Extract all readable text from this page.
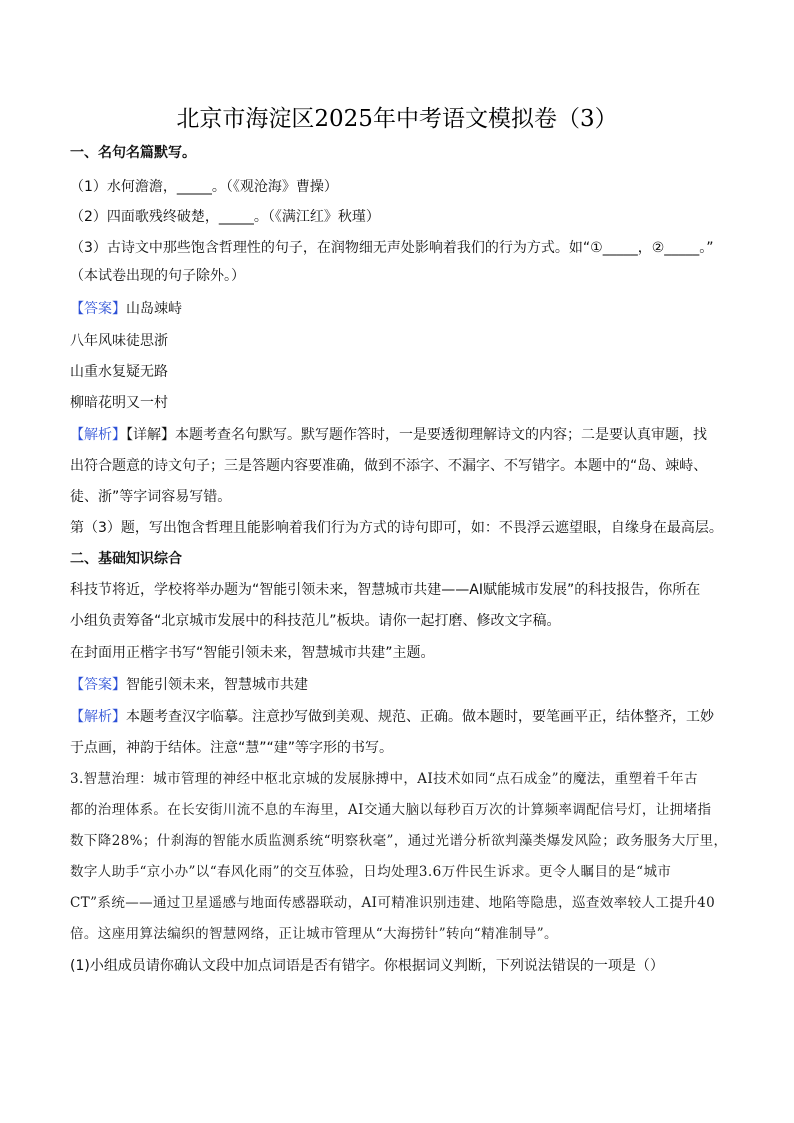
北京市海淀区2025年中考语文模拟卷（3）
一、名句名篇默写。
（1）水何澹澹，_____。（《观沧海》曹操）
（2）四面歌残终破楚，_____。（《满江红》秋瑾）
（3）古诗文中那些饱含哲理性的句子，在润物细无声处影响着我们的行为方式。如“①_____，②_____。”
（本试卷出现的句子除外。）
【答案】山岛竦峙
八年风味徒思浙
山重水复疑无路
柳暗花明又一村
【解析】【详解】本题考查名句默写。默写题作答时，一是要透彻理解诗文的内容；二是要认真审题，找
出符合题意的诗文句子；三是答题内容要准确，做到不添字、不漏字、不写错字。本题中的“岛、竦峙、
徒、浙”等字词容易写错。
第（3）题，写出饱含哲理且能影响着我们行为方式的诗句即可，如：不畏浮云遮望眼，自缘身在最高层。
二、基础知识综合
科技节将近，学校将举办题为“智能引领未来，智慧城市共建——AI赋能城市发展”的科技报告，你所在
小组负责筹备“北京城市发展中的科技范儿”板块。请你一起打磨、修改文字稿。
在封面用正楷字书写“智能引领未来，智慧城市共建”主题。
【答案】智能引领未来，智慧城市共建
【解析】本题考查汉字临摹。注意抄写做到美观、规范、正确。做本题时，要笔画平正，结体整齐，工妙
于点画，神韵于结体。注意“慧”“建”等字形的书写。
3.智慧治理：城市管理的神经中枢北京城的发展脉搏中，AI技术如同“点石成金”的魔法，重塑着千年古
都的治理体系。在长安街川流不息的车海里，AI交通大脑以每秒百万次的计算频率调配信号灯，让拥堵指
数下降28%；什刹海的智能水质监测系统“明察秋毫”，通过光谱分析欲判藻类爆发风险；政务服务大厅里，
数字人助手“京小办”以“春风化雨”的交互体验，日均处理3.6万件民生诉求。更令人瞩目的是“城市
CT”系统——通过卫星遥感与地面传感器联动，AI可精准识别违建、地陷等隐患，巡查效率较人工提升40
倍。这座用算法编织的智慧网络，正让城市管理从“大海捞针”转向“精准制导”。
(1)小组成员请你确认文段中加点词语是否有错字。你根据词义判断，下列说法错误的一项是（）
